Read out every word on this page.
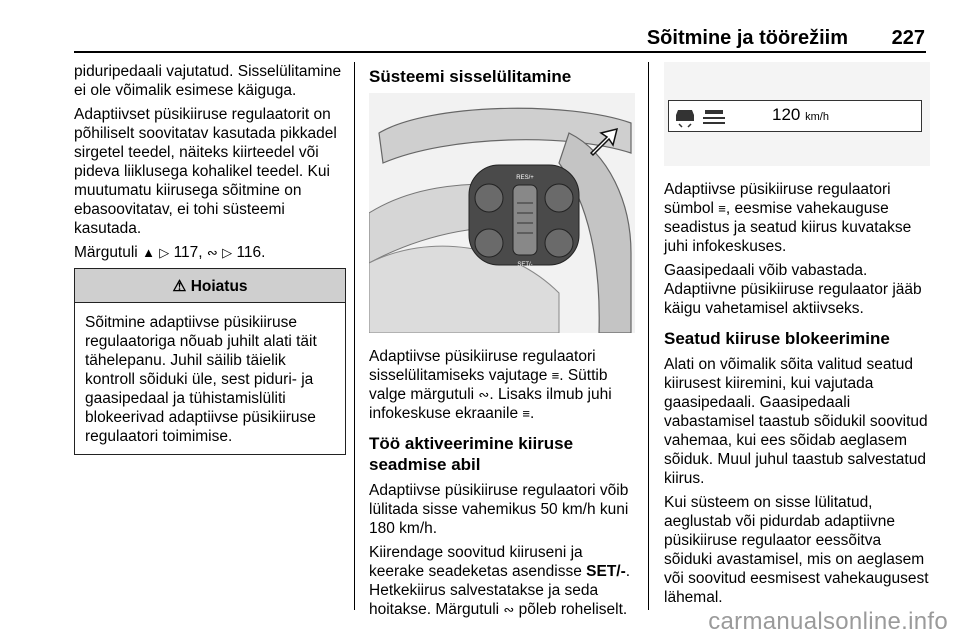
Sõitmine ja töörežiim 227

piduripedaali vajutatud. Sisselülitamine ei ole võimalik esimese käiguga.

Adaptiivset püsikiiruse regulaatorit on põhiliselt soovitatav kasutada pikkadel sirgetel teedel, näiteks kiirteedel või pideva liiklusega kohalikel teedel. Kui muutumatu kiirusega sõitmine on ebasoovitatav, ei tohi süsteemi kasutada.

Märgutuli ▲ ▷ 117, ∾ ▷ 116.

⚠ Hoiatus
Sõitmine adaptiivse püsikiiruse regulaatoriga nõuab juhilt alati täit tähelepanu. Juhil säilib täielik kontroll sõiduki üle, sest piduri- ja gaasipedaal ja tühistamislüliti blokeerivad adaptiivse püsikiiruse regulaatori toimimise.
Süsteemi sisselülitamine
RES/+
SET/-

Adaptiivse püsikiiruse regulaatori sisselülitamiseks vajutage ≡. Süttib valge märgutuli ∾. Lisaks ilmub juhi infokeskuse ekraanile ≡.

Töö aktiveerimine kiiruse seadmise abil

Adaptiivse püsikiiruse regulaatori võib lülitada sisse vahemikus 50 km/h kuni 180 km/h.

Kiirendage soovitud kiiruseni ja keerake seadeketas asendisse SET/-. Hetkekiirus salvestatakse ja seda hoitakse. Märgutuli ∾ põleb roheliselt.

120 km/h

Adaptiivse püsikiiruse regulaatori sümbol ≡, eesmise vahekauguse seadistus ja seatud kiirus kuvatakse juhi infokeskuses.

Gaasipedaali võib vabastada. Adaptiivne püsikiiruse regulaator jääb käigu vahetamisel aktiivseks.

Seatud kiiruse blokeerimine

Alati on võimalik sõita valitud seatud kiirusest kiiremini, kui vajutada gaasipedaali. Gaasipedaali vabastamisel taastub sõidukil soovitud vahemaa, kui ees sõidab aeglasem sõiduk. Muul juhul taastub salvestatud kiirus.

Kui süsteem on sisse lülitatud, aeglustab või pidurdab adaptiivne püsikiiruse regulaator eessõitva sõiduki avastamisel, mis on aeglasem või soovitud eesmisest vahekaugusest lähemal.

carmanualsonline.info
